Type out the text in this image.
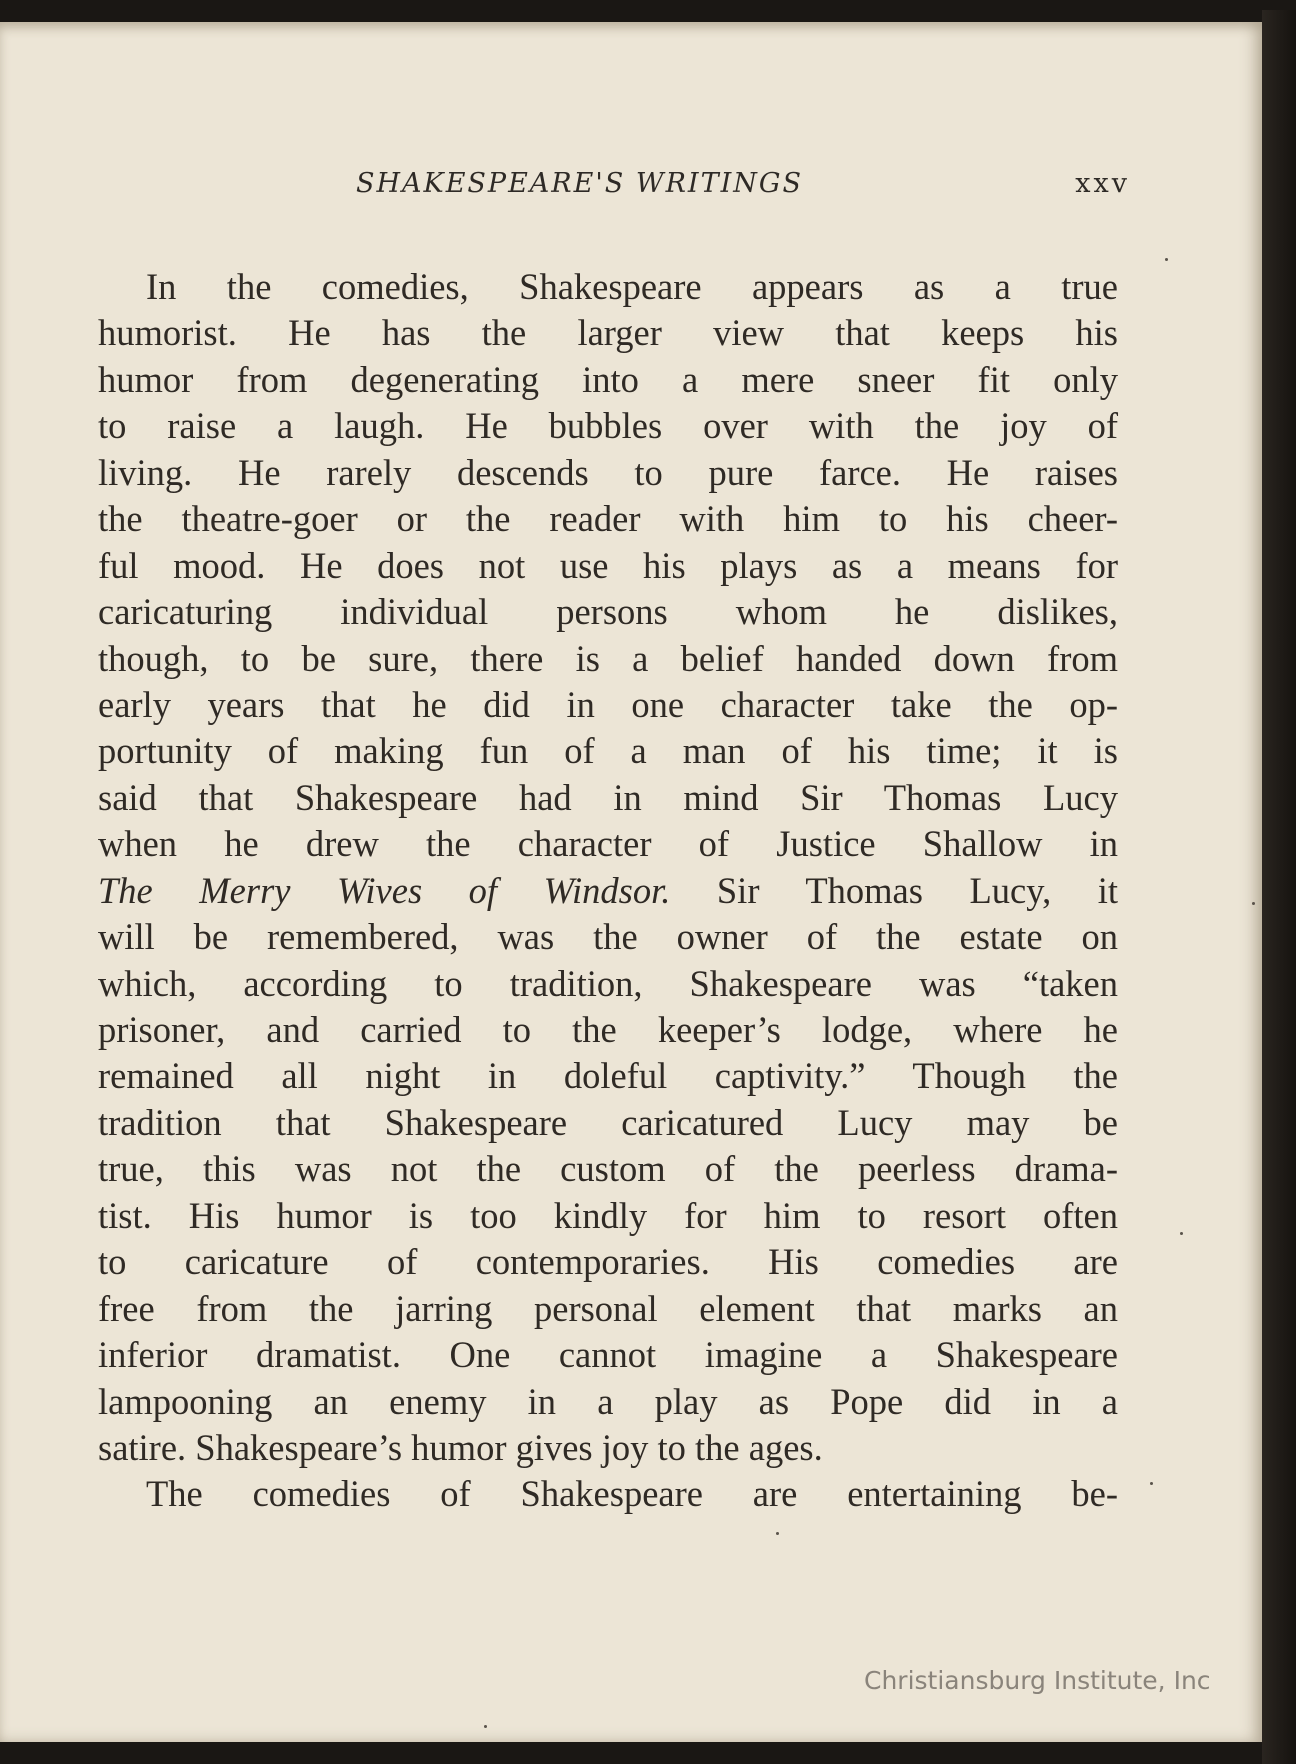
SHAKESPEARE'S WRITINGS	xxv
In the comedies, Shakespeare appears as a true
humorist. He has the larger view that keeps his
humor from degenerating into a mere sneer fit only
to raise a laugh. He bubbles over with the joy of
living. He rarely descends to pure farce. He raises
the theatre-goer or the reader with him to his cheer-
ful mood. He does not use his plays as a means for
caricaturing individual persons whom he dislikes,
though, to be sure, there is a belief handed down from
early years that he did in one character take the op-
portunity of making fun of a man of his time; it is
said that Shakespeare had in mind Sir Thomas Lucy
when he drew the character of Justice Shallow in
The Merry Wives of Windsor. Sir Thomas Lucy, it
will be remembered, was the owner of the estate on
which, according to tradition, Shakespeare was “taken
prisoner, and carried to the keeper’s lodge, where he
remained all night in doleful captivity.” Though the
tradition that Shakespeare caricatured Lucy may be
true, this was not the custom of the peerless drama-
tist. His humor is too kindly for him to resort often
to caricature of contemporaries. His comedies are
free from the jarring personal element that marks an
inferior dramatist. One cannot imagine a Shakespeare
lampooning an enemy in a play as Pope did in a
satire. Shakespeare’s humor gives joy to the ages.
The comedies of Shakespeare are entertaining be-
Christiansburg Institute, Inc
